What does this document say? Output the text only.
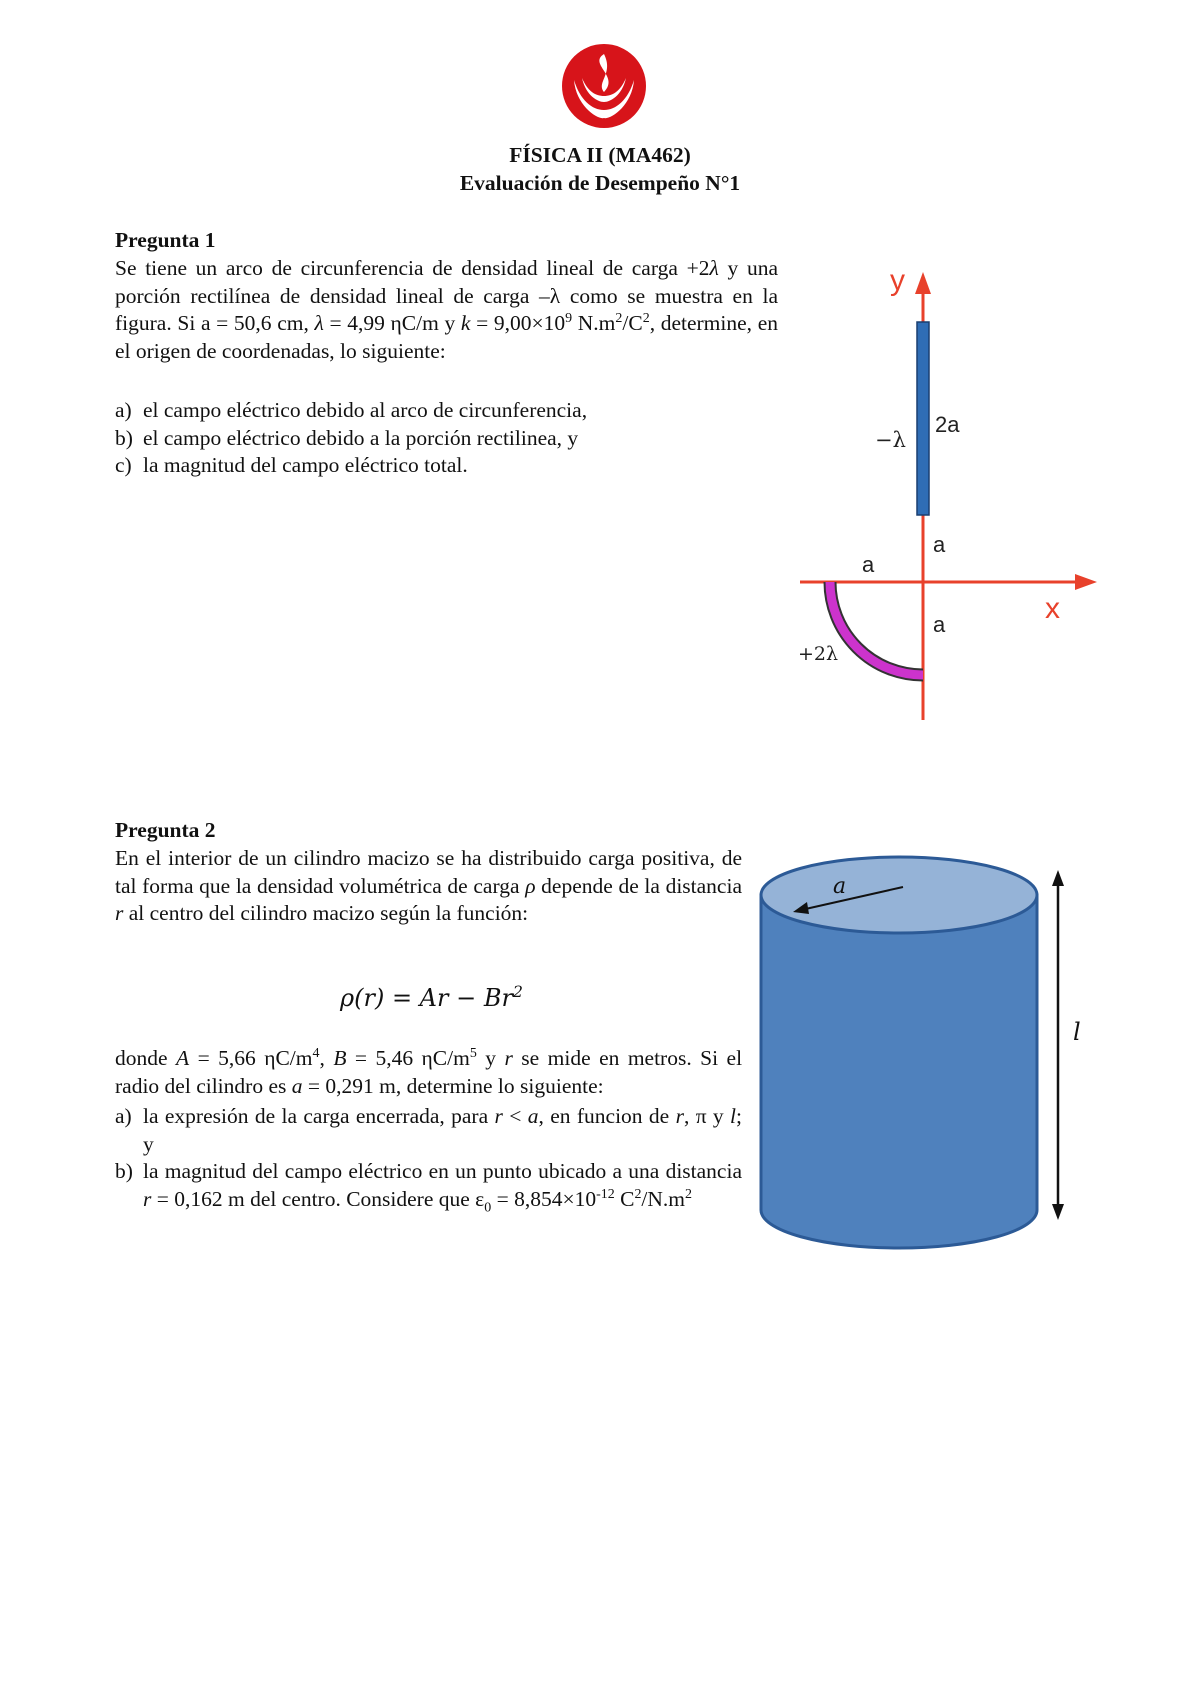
FÍSICA II (MA462)
Evaluación de Desempeño N°1
Pregunta 1
Se tiene un arco de circunferencia de densidad lineal de carga +2λ y una porción rectilínea de densidad lineal de carga –λ como se muestra en la figura. Si a = 50,6 cm, λ = 4,99 ηC/m y $k = 9,00\times 10^9$ $N.m^2/C^2$, determine, en el origen de coordenadas, lo siguiente:
a) el campo eléctrico debido al arco de circunferencia,
b) el campo eléctrico debido a la porción rectilinea, y
c) la magnitud del campo eléctrico total.
y
x
−λ
2a
a
a
a
+2λ
Pregunta 2
En el interior de un cilindro macizo se ha distribuido carga positiva, de tal forma que la densidad volumétrica de carga ρ depende de la distancia r al centro del cilindro macizo según la función:
$\rho(r) = Ar - Br^2$
donde A = 5,66 $\eta C/m^4$, B = 5,46 $\eta C/m^5$ y r se mide en metros. Si el radio del cilindro es a = 0,291 m, determine lo siguiente:
a) la expresión de la carga encerrada, para r < a, en funcion de r, π y l; y
b) la magnitud del campo eléctrico en un punto ubicado a una distancia r = 0,162 m del centro. Considere que $\varepsilon_0 = 8,854\times 10^{-12}$ $C^2/N.m^2$
a
l
